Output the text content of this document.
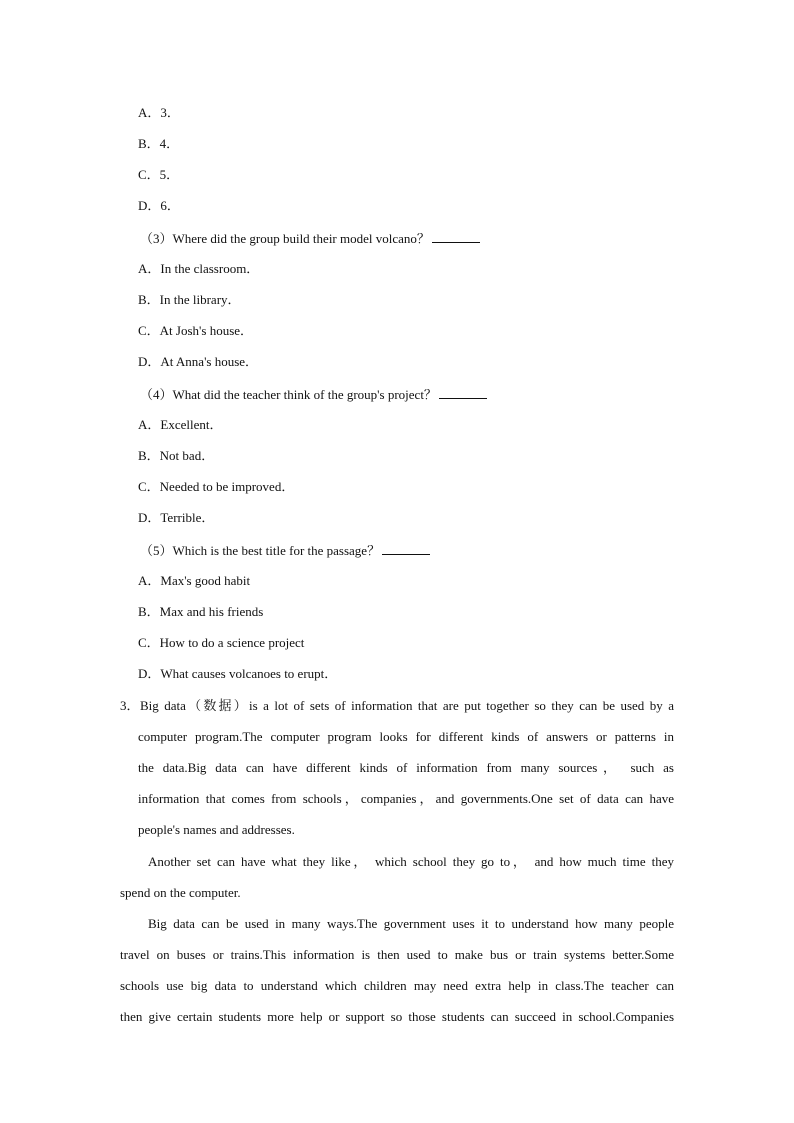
A．3．
B．4．
C．5．
D．6．
（3）Where did the group build their model volcano？
A．In the classroom．
B．In the library．
C．At Josh's house．
D．At Anna's house．
（4）What did the teacher think of the group's project？
A．Excellent．
B．Not bad．
C．Needed to be improved．
D．Terrible．
（5）Which is the best title for the passage？
A．Max's good habit
B．Max and his friends
C．How to do a science project
D．What causes volcanoes to erupt．
3． Big data（数据）is a lot of sets of information that are put together so they can be used by a
computer program.The computer program looks for different kinds of answers or patterns in
the data.Big data can have different kinds of information from many sources， such as
information that comes from schools，companies，and governments.One set of data can have
people's names and addresses.
Another set can have what they like， which school they go to， and how much time they
spend on the computer.
Big data can be used in many ways.The government uses it to understand how many people
travel on buses or trains.This information is then used to make bus or train systems better.Some
schools use big data to understand which children may need extra help in class.The teacher can
then give certain students more help or support so those students can succeed in school.Companies
